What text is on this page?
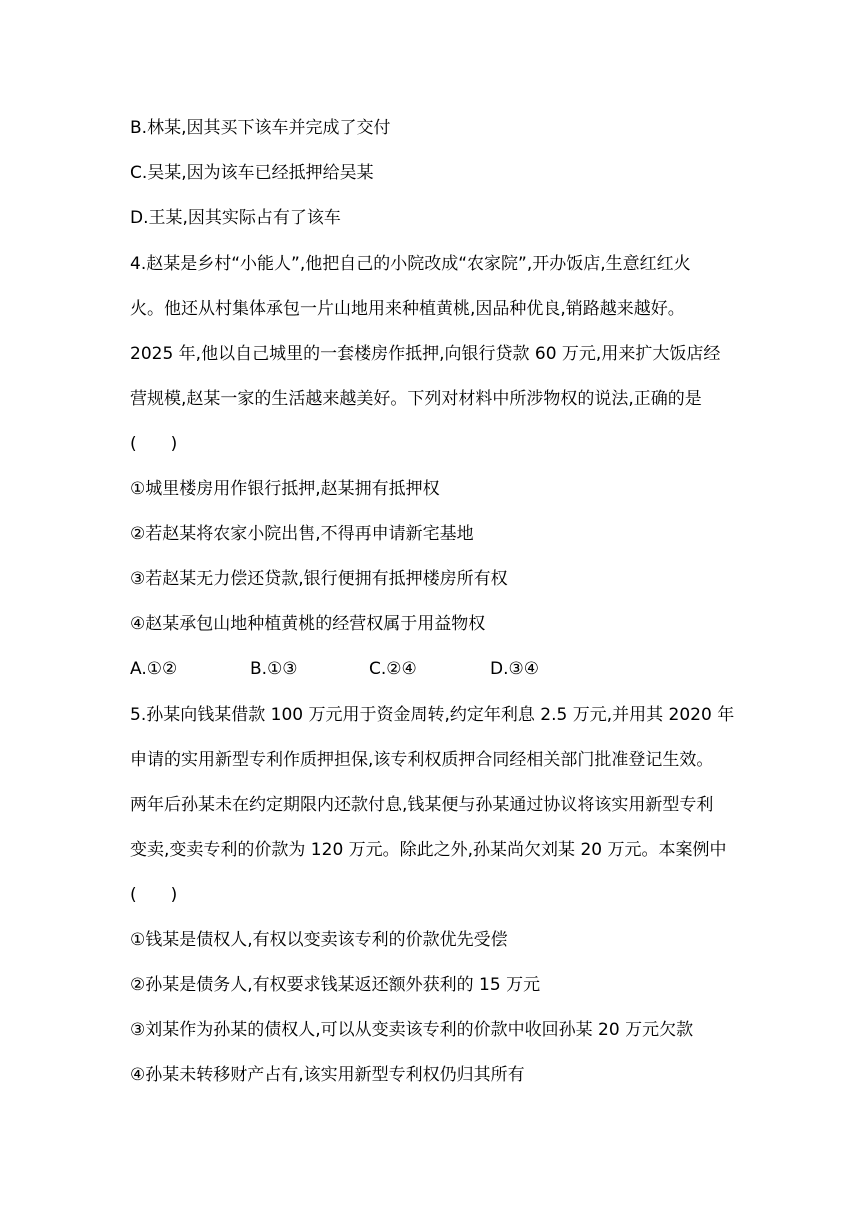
B.林某,因其买下该车并完成了交付
C.吴某,因为该车已经抵押给吴某
D.王某,因其实际占有了该车
4.赵某是乡村“小能人”,他把自己的小院改成“农家院”,开办饭店,生意红红火
火。他还从村集体承包一片山地用来种植黄桃,因品种优良,销路越来越好。
2025 年,他以自己城里的一套楼房作抵押,向银行贷款 60 万元,用来扩大饭店经
营规模,赵某一家的生活越来越美好。下列对材料中所涉物权的说法,正确的是
(　　)
①城里楼房用作银行抵押,赵某拥有抵押权
②若赵某将农家小院出售,不得再申请新宅基地
③若赵某无力偿还贷款,银行便拥有抵押楼房所有权
④赵某承包山地种植黄桃的经营权属于用益物权
A.①②	B.①③	C.②④	D.③④
5.孙某向钱某借款 100 万元用于资金周转,约定年利息 2.5 万元,并用其 2020 年
申请的实用新型专利作质押担保,该专利权质押合同经相关部门批准登记生效。
两年后孙某未在约定期限内还款付息,钱某便与孙某通过协议将该实用新型专利
变卖,变卖专利的价款为 120 万元。除此之外,孙某尚欠刘某 20 万元。本案例中
(　　)
①钱某是债权人,有权以变卖该专利的价款优先受偿
②孙某是债务人,有权要求钱某返还额外获利的 15 万元
③刘某作为孙某的债权人,可以从变卖该专利的价款中收回孙某 20 万元欠款
④孙某未转移财产占有,该实用新型专利权仍归其所有
